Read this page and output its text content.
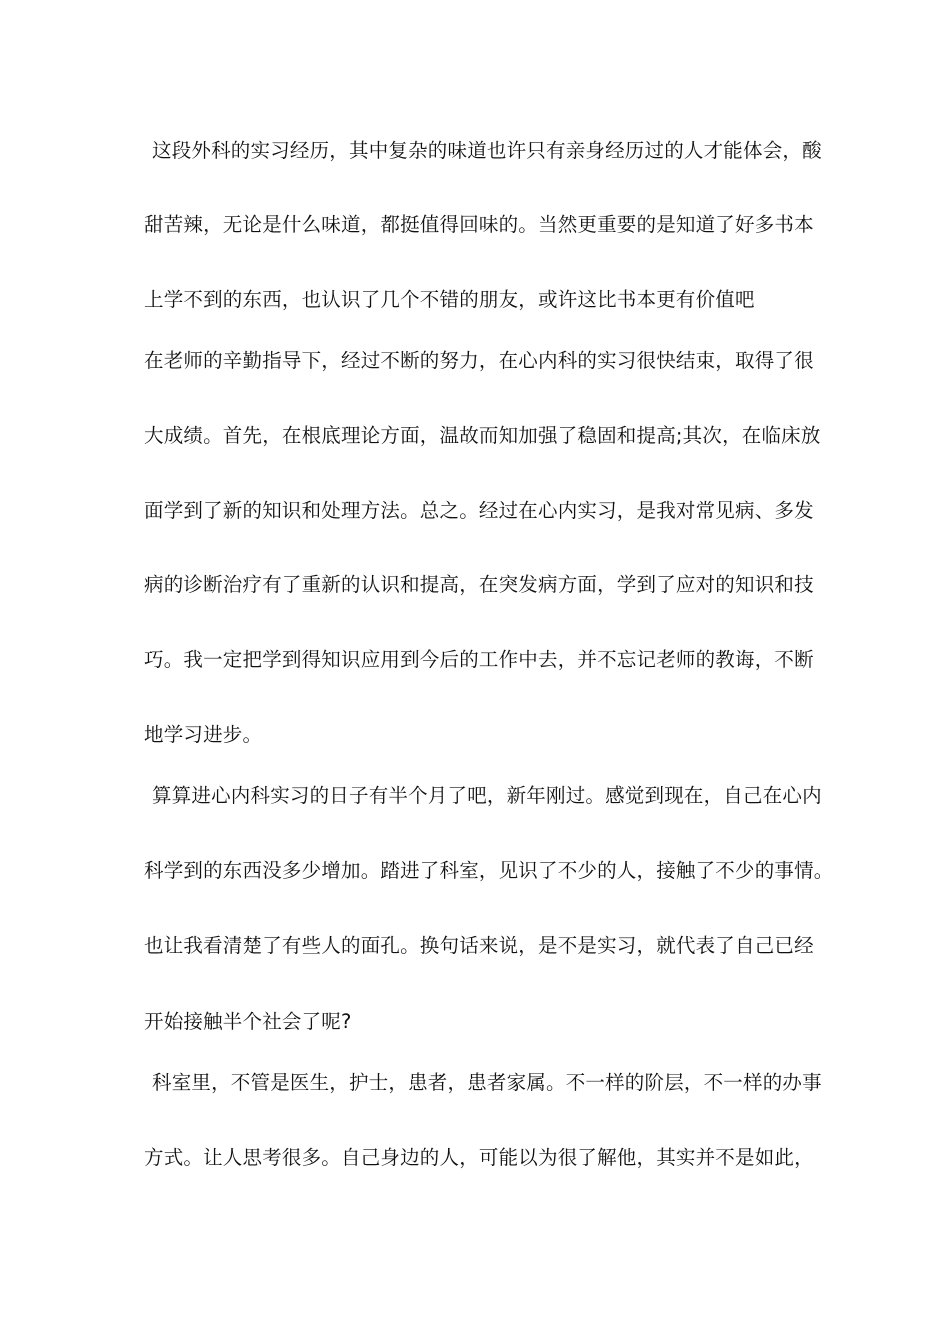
这段外科的实习经历，其中复杂的味道也许只有亲身经历过的人才能体会，酸

甜苦辣，无论是什么味道，都挺值得回味的。当然更重要的是知道了好多书本

上学不到的东西，也认识了几个不错的朋友，或许这比书本更有价值吧

在老师的辛勤指导下，经过不断的努力，在心内科的实习很快结束，取得了很

大成绩。首先，在根底理论方面，温故而知加强了稳固和提高;其次，在临床放

面学到了新的知识和处理方法。总之。经过在心内实习，是我对常见病、多发

病的诊断治疗有了重新的认识和提高，在突发病方面，学到了应对的知识和技

巧。我一定把学到得知识应用到今后的工作中去，并不忘记老师的教诲，不断

地学习进步。

算算进心内科实习的日子有半个月了吧，新年刚过。感觉到现在，自己在心内

科学到的东西没多少增加。踏进了科室，见识了不少的人，接触了不少的事情。

也让我看清楚了有些人的面孔。换句话来说，是不是实习，就代表了自己已经

开始接触半个社会了呢?

科室里，不管是医生，护士，患者，患者家属。不一样的阶层，不一样的办事

方式。让人思考很多。自己身边的人，可能以为很了解他，其实并不是如此，
